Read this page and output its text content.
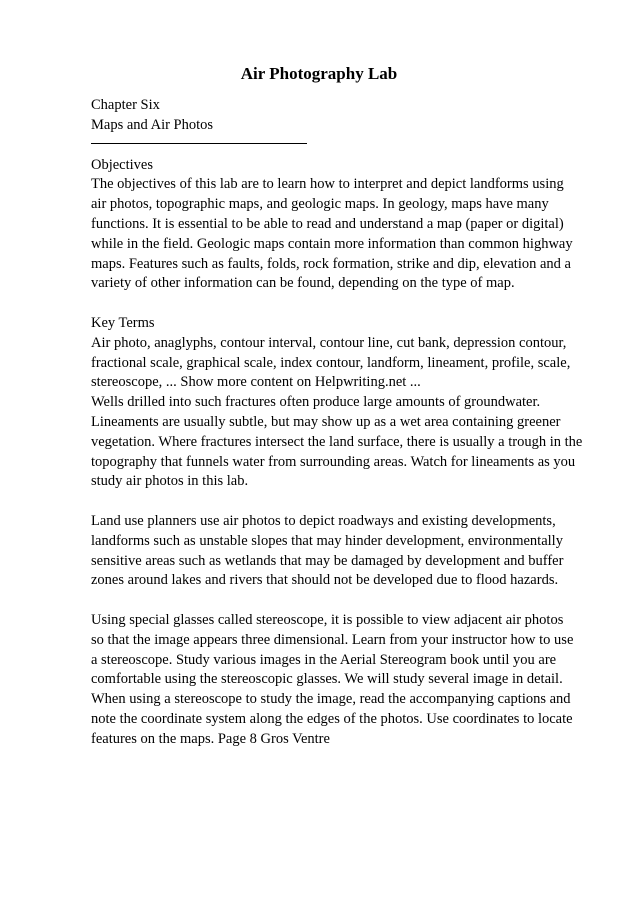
Air Photography Lab
Chapter Six
Maps and Air Photos
Objectives
The objectives of this lab are to learn how to interpret and depict landforms using
air photos, topographic maps, and geologic maps. In geology, maps have many
functions. It is essential to be able to read and understand a map (paper or digital)
while in the field. Geologic maps contain more information than common highway
maps. Features such as faults, folds, rock formation, strike and dip, elevation and a
variety of other information can be found, depending on the type of map.
Key Terms
Air photo, anaglyphs, contour interval, contour line, cut bank, depression contour,
fractional scale, graphical scale, index contour, landform, lineament, profile, scale,
stereoscope, ... Show more content on Helpwriting.net ...
Wells drilled into such fractures often produce large amounts of groundwater.
Lineaments are usually subtle, but may show up as a wet area containing greener
vegetation. Where fractures intersect the land surface, there is usually a trough in the
topography that funnels water from surrounding areas. Watch for lineaments as you
study air photos in this lab.
Land use planners use air photos to depict roadways and existing developments,
landforms such as unstable slopes that may hinder development, environmentally
sensitive areas such as wetlands that may be damaged by development and buffer
zones around lakes and rivers that should not be developed due to flood hazards.
Using special glasses called stereoscope, it is possible to view adjacent air photos
so that the image appears three dimensional. Learn from your instructor how to use
a stereoscope. Study various images in the Aerial Stereogram book until you are
comfortable using the stereoscopic glasses. We will study several image in detail.
When using a stereoscope to study the image, read the accompanying captions and
note the coordinate system along the edges of the photos. Use coordinates to locate
features on the maps. Page 8 Gros Ventre
